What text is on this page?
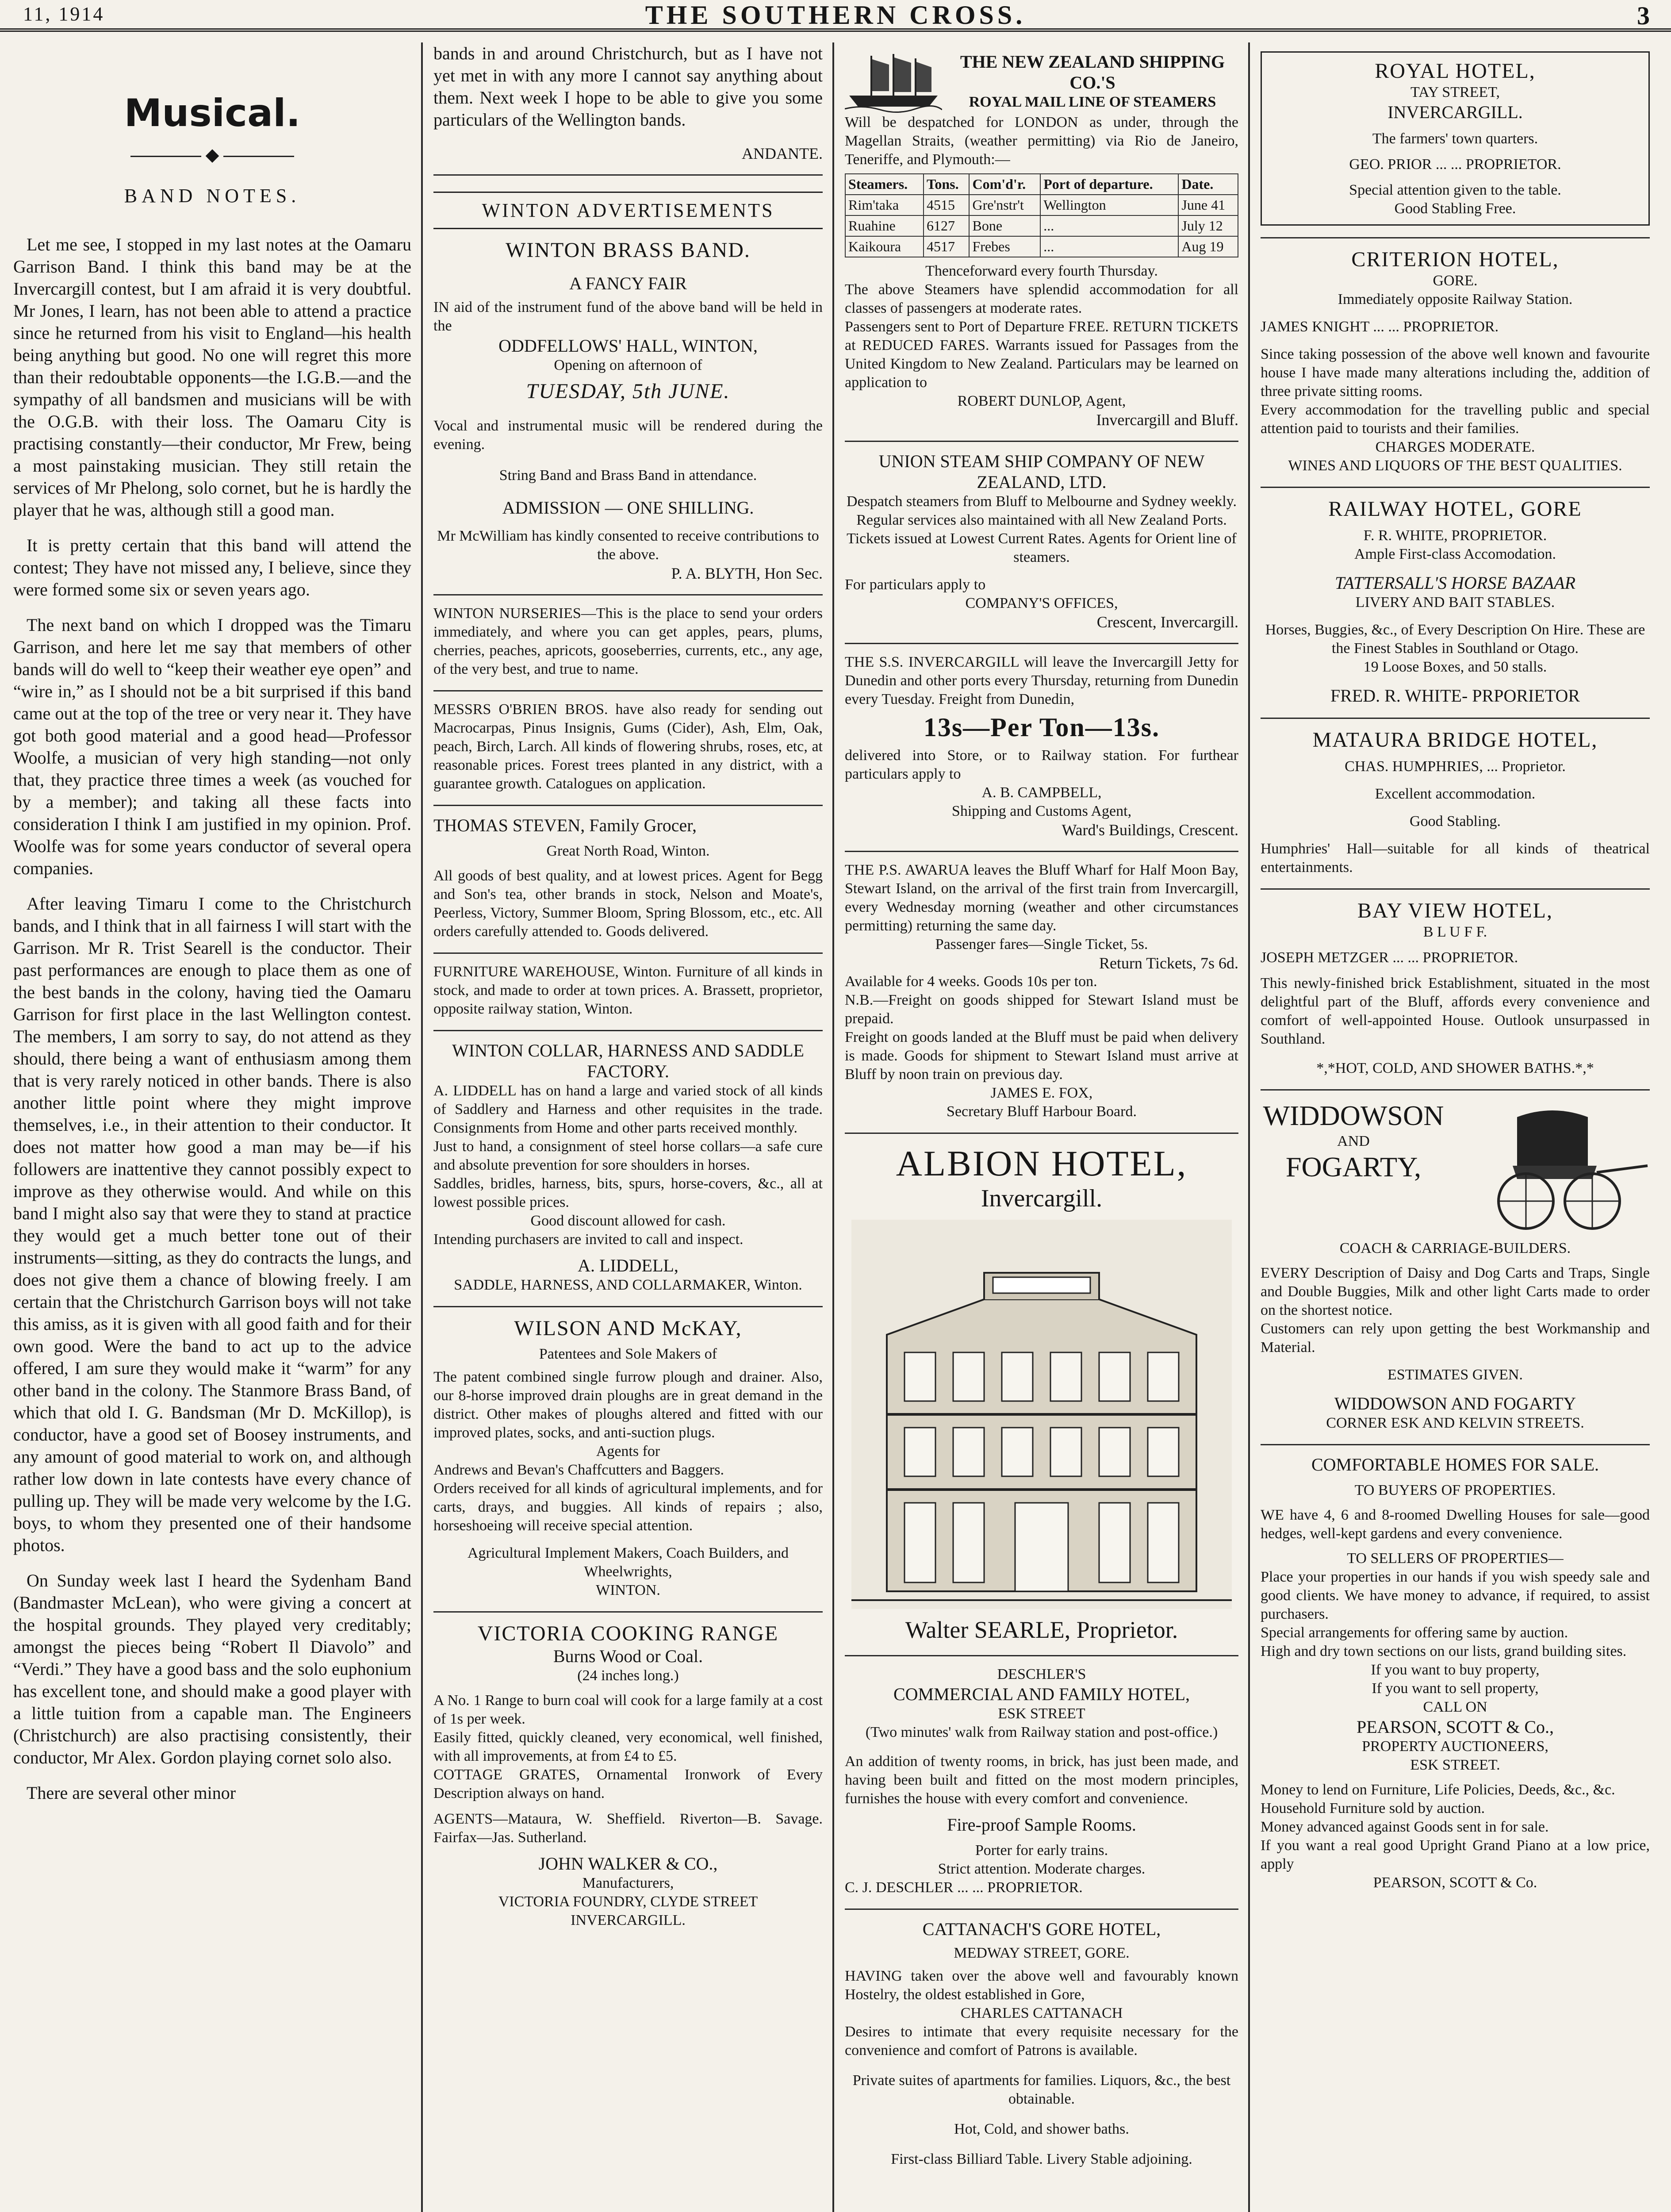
11, 1914	THE SOUTHERN CROSS.	3
Musical.
◆
BAND NOTES.

Let me see, I stopped in my last notes at the Oamaru Garrison Band. I think this band may be at the Invercargill contest, but I am afraid it is very doubtful. Mr Jones, I learn, has not been able to attend a practice since he returned from his visit to England—his health being anything but good. No one will regret this more than their redoubtable opponents—the I.G.B.—and the sympathy of all bandsmen and musicians will be with the O.G.B. with their loss. The Oamaru City is practising constantly—their conductor, Mr Frew, being a most painstaking musician. They still retain the services of Mr Phelong, solo cornet, but he is hardly the player that he was, although still a good man.

It is pretty certain that this band will attend the contest; They have not missed any, I believe, since they were formed some six or seven years ago.

The next band on which I dropped was the Timaru Garrison, and here let me say that members of other bands will do well to “keep their weather eye open” and “wire in,” as I should not be a bit surprised if this band came out at the top of the tree or very near it. They have got both good material and a good head—Professor Woolfe, a musician of very high standing—not only that, they practice three times a week (as vouched for by a member); and taking all these facts into consideration I think I am justified in my opinion. Prof. Woolfe was for some years conductor of several opera companies.

After leaving Timaru I come to the Christchurch bands, and I think that in all fairness I will start with the Garrison. Mr R. Trist Searell is the conductor. Their past performances are enough to place them as one of the best bands in the colony, having tied the Oamaru Garrison for first place in the last Wellington contest. The members, I am sorry to say, do not attend as they should, there being a want of enthusiasm among them that is very rarely noticed in other bands. There is also another little point where they might improve themselves, i.e., in their attention to their conductor. It does not matter how good a man may be—if his followers are inattentive they cannot possibly expect to improve as they otherwise would. And while on this band I might also say that were they to stand at practice they would get a much better tone out of their instruments—sitting, as they do contracts the lungs, and does not give them a chance of blowing freely. I am certain that the Christchurch Garrison boys will not take this amiss, as it is given with all good faith and for their own good. Were the band to act up to the advice offered, I am sure they would make it “warm” for any other band in the colony. The Stanmore Brass Band, of which that old I. G. Bandsman (Mr D. McKillop), is conductor, have a good set of Boosey instruments, and any amount of good material to work on, and although rather low down in late contests have every chance of pulling up. They will be made very welcome by the I.G. boys, to whom they presented one of their handsome photos.

On Sunday week last I heard the Sydenham Band (Bandmaster McLean), who were giving a concert at the hospital grounds. They played very creditably; amongst the pieces being “Robert Il Diavolo” and “Verdi.” They have a good bass and the solo euphonium has excellent tone, and should make a good player with a little tuition from a capable man. The Engineers (Christchurch) are also practising consistently, their conductor, Mr Alex. Gordon playing cornet solo also.

There are several other minor

bands in and around Christchurch, but as I have not yet met in with any more I cannot say anything about them. Next week I hope to be able to give you some particulars of the Wellington bands.

ANDANTE.
WINTON ADVERTISEMENTS
WINTON BRASS BAND.
A FANCY FAIR
IN aid of the instrument fund of the above band will be held in the
ODDFELLOWS' HALL, WINTON,
Opening on afternoon of
TUESDAY, 5th JUNE.
Vocal and instrumental music will be rendered during the evening.
String Band and Brass Band in attendance.
ADMISSION — ONE SHILLING.
Mr McWilliam has kindly consented to receive contributions to the above.
P. A. BLYTH, Hon Sec.
WINTON NURSERIES—This is the place to send your orders immediately, and where you can get apples, pears, plums, cherries, peaches, apricots, gooseberries, currents, etc., any age, of the very best, and true to name.
MESSRS O'BRIEN BROS. have also ready for sending out Macrocarpas, Pinus Insignis, Gums (Cider), Ash, Elm, Oak, peach, Birch, Larch. All kinds of flowering shrubs, roses, etc, at reasonable prices. Forest trees planted in any district, with a guarantee growth. Catalogues on application.
THOMAS STEVEN, Family Grocer,
Great North Road, Winton.
All goods of best quality, and at lowest prices. Agent for Begg and Son's tea, other brands in stock, Nelson and Moate's, Peerless, Victory, Summer Bloom, Spring Blossom, etc., etc. All orders carefully attended to. Goods delivered.
FURNITURE WAREHOUSE, Winton. Furniture of all kinds in stock, and made to order at town prices. A. Brassett, proprietor, opposite railway station, Winton.
WINTON COLLAR, HARNESS AND SADDLE FACTORY.
A. LIDDELL has on hand a large and varied stock of all kinds of Saddlery and Harness and other requisites in the trade. Consignments from Home and other parts received monthly.
Just to hand, a consignment of steel horse collars—a safe cure and absolute prevention for sore shoulders in horses.
Saddles, bridles, harness, bits, spurs, horse-covers, &c., all at lowest possible prices.
Good discount allowed for cash.
Intending purchasers are invited to call and inspect.
A. LIDDELL,
SADDLE, HARNESS, AND COLLARMAKER, Winton.
WILSON AND McKAY,
Patentees and Sole Makers of
The patent combined single furrow plough and drainer. Also, our 8-horse improved drain ploughs are in great demand in the district. Other makes of ploughs altered and fitted with our improved plates, socks, and anti-suction plugs.
Agents for
Andrews and Bevan's Chaffcutters and Baggers.
Orders received for all kinds of agricultural implements, and for carts, drays, and buggies. All kinds of repairs ; also, horseshoeing will receive special attention.
Agricultural Implement Makers, Coach Builders, and Wheelwrights,
WINTON.
VICTORIA COOKING RANGE
Burns Wood or Coal.
(24 inches long.)
A No. 1 Range to burn coal will cook for a large family at a cost of 1s per week.
Easily fitted, quickly cleaned, very economical, well finished, with all improvements, at from £4 to £5.
COTTAGE GRATES, Ornamental Ironwork of Every Description always on hand.
AGENTS—Mataura, W. Sheffield. Riverton—B. Savage. Fairfax—Jas. Sutherland.
JOHN WALKER & CO.,
Manufacturers,
VICTORIA FOUNDRY, CLYDE STREET
INVERCARGILL.
THE NEW ZEALAND SHIPPING CO.'S
ROYAL MAIL LINE OF STEAMERS
Will be despatched for LONDON as under, through the Magellan Straits, (weather permitting) via Rio de Janeiro, Teneriffe, and Plymouth:—
Steamers.	Tons.	Com'd'r.	Port of departure.	Date.
Rim'taka	4515	Gre'nstr't	Wellington	June 41
Ruahine	6127	Bone	...	July 12
Kaikoura	4517	Frebes	...	Aug 19
Thenceforward every fourth Thursday.
The above Steamers have splendid accommodation for all classes of passengers at moderate rates.
Passengers sent to Port of Departure FREE. RETURN TICKETS at REDUCED FARES. Warrants issued for Passages from the United Kingdom to New Zealand. Particulars may be learned on application to
ROBERT DUNLOP, Agent,
Invercargill and Bluff.
UNION STEAM SHIP COMPANY OF NEW ZEALAND, LTD.
Despatch steamers from Bluff to Melbourne and Sydney weekly.
Regular services also maintained with all New Zealand Ports.
Tickets issued at Lowest Current Rates. Agents for Orient line of steamers.
For particulars apply to
COMPANY'S OFFICES,
Crescent, Invercargill.
THE S.S. INVERCARGILL will leave the Invercargill Jetty for Dunedin and other ports every Thursday, returning from Dunedin every Tuesday. Freight from Dunedin,
13s—Per Ton—13s.
delivered into Store, or to Railway station. For furthear particulars apply to
A. B. CAMPBELL,
Shipping and Customs Agent,
Ward's Buildings, Crescent.
THE P.S. AWARUA leaves the Bluff Wharf for Half Moon Bay, Stewart Island, on the arrival of the first train from Invercargill, every Wednesday morning (weather and other circumstances permitting) returning the same day.
Passenger fares—Single Ticket, 5s.
Return Tickets, 7s 6d.
Available for 4 weeks. Goods 10s per ton.
N.B.—Freight on goods shipped for Stewart Island must be prepaid.
Freight on goods landed at the Bluff must be paid when delivery is made. Goods for shipment to Stewart Island must arrive at Bluff by noon train on previous day.
JAMES E. FOX,
Secretary Bluff Harbour Board.
ALBION HOTEL,
Invercargill.
Walter SEARLE, Proprietor.
DESCHLER'S
COMMERCIAL AND FAMILY HOTEL,
ESK STREET
(Two minutes' walk from Railway station and post-office.)
An addition of twenty rooms, in brick, has just been made, and having been built and fitted on the most modern principles, furnishes the house with every comfort and convenience.
Fire-proof Sample Rooms.
Porter for early trains.
Strict attention. Moderate charges.
C. J. DESCHLER ... ... PROPRIETOR.
CATTANACH'S GORE HOTEL,
MEDWAY STREET, GORE.
HAVING taken over the above well and favourably known Hostelry, the oldest established in Gore,
CHARLES CATTANACH
Desires to intimate that every requisite necessary for the convenience and comfort of Patrons is available.
Private suites of apartments for families. Liquors, &c., the best obtainable.
Hot, Cold, and shower baths.
First-class Billiard Table. Livery Stable adjoining.
ROYAL HOTEL,
TAY STREET,
INVERCARGILL.
The farmers' town quarters.
GEO. PRIOR ... ... PROPRIETOR.
Special attention given to the table.
Good Stabling Free.
CRITERION HOTEL,
GORE.
Immediately opposite Railway Station.
JAMES KNIGHT ... ... PROPRIETOR.
Since taking possession of the above well known and favourite house I have made many alterations including the, addition of three private sitting rooms.
Every accommodation for the travelling public and special attention paid to tourists and their families.
CHARGES MODERATE.
WINES AND LIQUORS OF THE BEST QUALITIES.
RAILWAY HOTEL, GORE
F. R. WHITE, PROPRIETOR.
Ample First-class Accomodation.
TATTERSALL'S HORSE BAZAAR
LIVERY AND BAIT STABLES.
Horses, Buggies, &c., of Every Description On Hire. These are the Finest Stables in Southland or Otago.
19 Loose Boxes, and 50 stalls.
FRED. R. WHITE- PRPORIETOR
MATAURA BRIDGE HOTEL,
CHAS. HUMPHRIES, ... Proprietor.
Excellent accommodation.
Good Stabling.
Humphries' Hall—suitable for all kinds of theatrical entertainments.
BAY VIEW HOTEL,
B L U F F.
JOSEPH METZGER ... ... PROPRIETOR.
This newly-finished brick Establishment, situated in the most delightful part of the Bluff, affords every convenience and comfort of well-appointed House. Outlook unsurpassed in Southland.
*,*HOT, COLD, AND SHOWER BATHS.*,*
WIDDOWSON
AND
FOGARTY,
COACH & CARRIAGE-BUILDERS.
EVERY Description of Daisy and Dog Carts and Traps, Single and Double Buggies, Milk and other light Carts made to order on the shortest notice.
Customers can rely upon getting the best Workmanship and Material.
ESTIMATES GIVEN.
WIDDOWSON AND FOGARTY
CORNER ESK AND KELVIN STREETS.
COMFORTABLE HOMES FOR SALE.
TO BUYERS OF PROPERTIES.
WE have 4, 6 and 8-roomed Dwelling Houses for sale—good hedges, well-kept gardens and every convenience.
TO SELLERS OF PROPERTIES—
Place your properties in our hands if you wish speedy sale and good clients. We have money to advance, if required, to assist purchasers.
Special arrangements for offering same by auction.
High and dry town sections on our lists, grand building sites.
If you want to buy property,
If you want to sell property,
CALL ON
PEARSON, SCOTT & Co.,
PROPERTY AUCTIONEERS,
ESK STREET.
Money to lend on Furniture, Life Policies, Deeds, &c., &c.
Household Furniture sold by auction.
Money advanced against Goods sent in for sale.
If you want a real good Upright Grand Piano at a low price, apply
PEARSON, SCOTT & Co.
